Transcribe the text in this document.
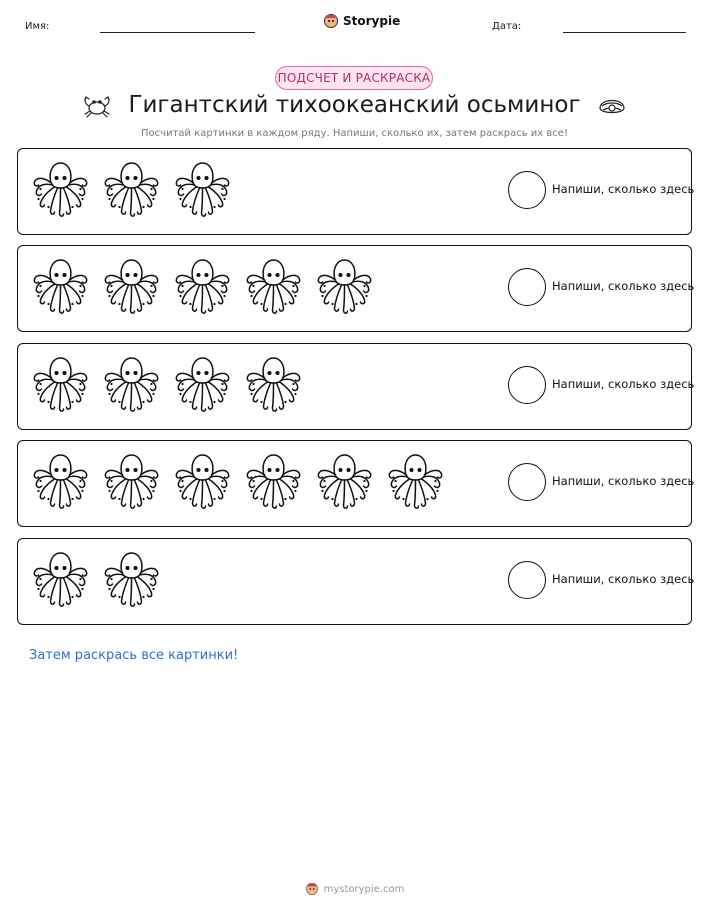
Имя:	Storypie	Дата:
ПОДСЧЕТ И РАСКРАСКА
Гигантский тихоокеанский осьминог
Посчитай картинки в каждом ряду. Напиши, сколько их, затем раскрась их все!
Напиши, сколько здесь
Напиши, сколько здесь
Напиши, сколько здесь
Напиши, сколько здесь
Напиши, сколько здесь
Затем раскрась все картинки!
mystorypie.com
